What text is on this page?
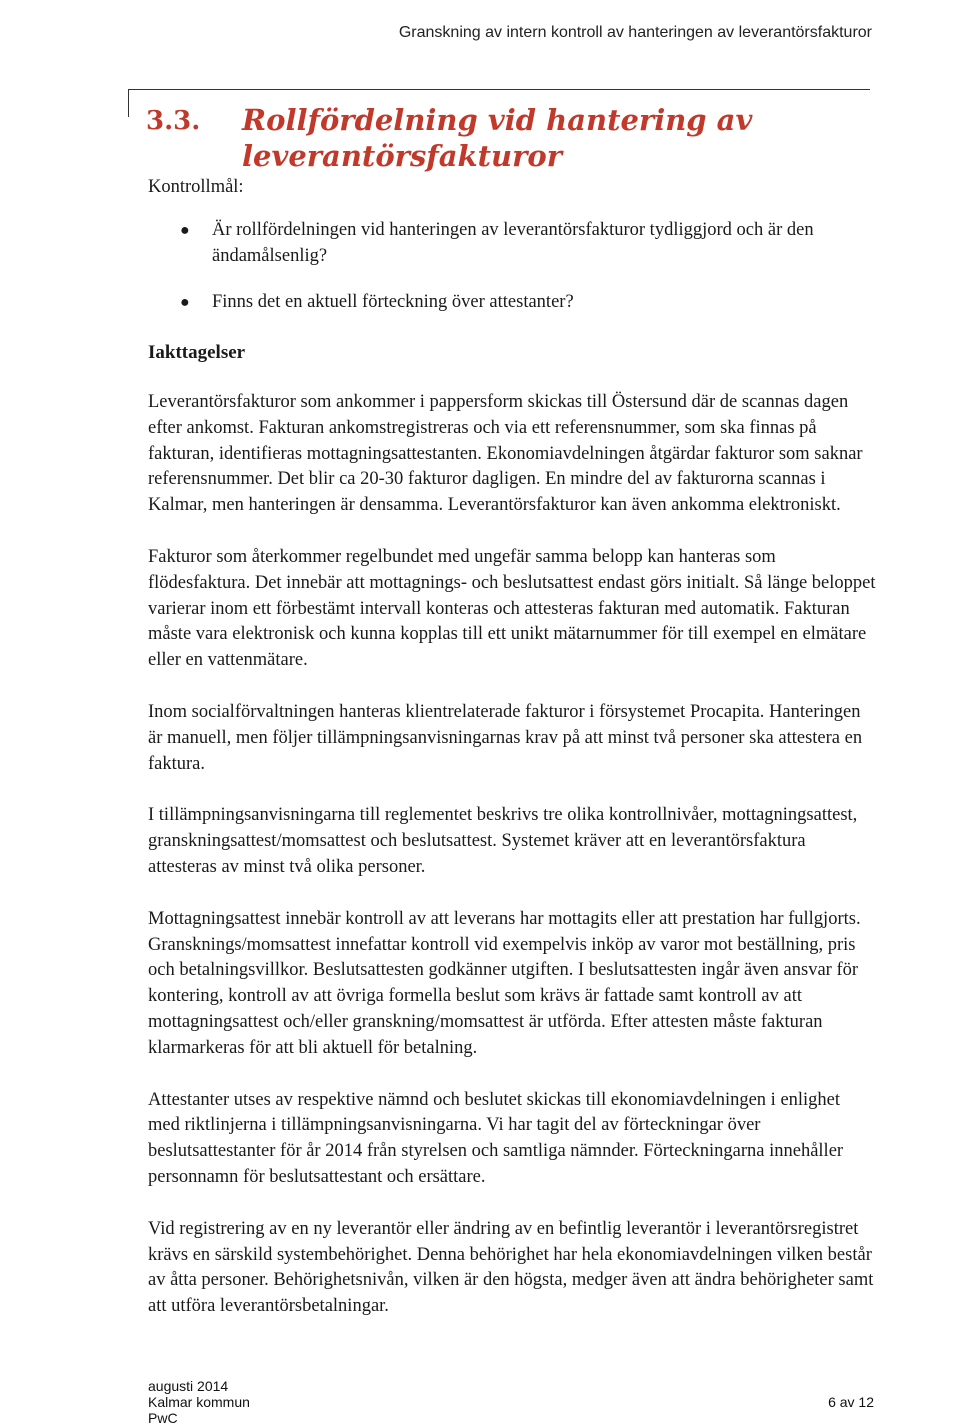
Granskning av intern kontroll av hanteringen av leverantörsfakturor
3.3. Rollfördelning vid hantering av leverantörsfakturor
Kontrollmål:
● Är rollfördelningen vid hanteringen av leverantörsfakturor tydliggjord och är den ändamålsenlig?
● Finns det en aktuell förteckning över attestanter?
Iakttagelser

Leverantörsfakturor som ankommer i pappersform skickas till Östersund där de scannas dagen efter ankomst. Fakturan ankomstregistreras och via ett referensnummer, som ska finnas på fakturan, identifieras mottagningsattestanten. Ekonomiavdelningen åtgärdar fakturor som saknar referensnummer. Det blir ca 20-30 fakturor dagligen. En mindre del av fakturorna scannas i Kalmar, men hanteringen är densamma. Leverantörsfakturor kan även ankomma elektroniskt.

Fakturor som återkommer regelbundet med ungefär samma belopp kan hanteras som flödesfaktura. Det innebär att mottagnings- och beslutsattest endast görs initialt. Så länge beloppet varierar inom ett förbestämt intervall konteras och attesteras fakturan med automatik. Fakturan måste vara elektronisk och kunna kopplas till ett unikt mätarnummer för till exempel en elmätare eller en vattenmätare.

Inom socialförvaltningen hanteras klientrelaterade fakturor i försystemet Procapita. Hanteringen är manuell, men följer tillämpningsanvisningarnas krav på att minst två personer ska attestera en faktura.

I tillämpningsanvisningarna till reglementet beskrivs tre olika kontrollnivåer, mottagningsattest, granskningsattest/momsattest och beslutsattest. Systemet kräver att en leverantörsfaktura attesteras av minst två olika personer.

Mottagningsattest innebär kontroll av att leverans har mottagits eller att prestation har fullgjorts. Gransknings/momsattest innefattar kontroll vid exempelvis inköp av varor mot beställning, pris och betalningsvillkor. Beslutsattesten godkänner utgiften. I beslutsattesten ingår även ansvar för kontering, kontroll av att övriga formella beslut som krävs är fattade samt kontroll av att mottagningsattest och/eller granskning/momsattest är utförda. Efter attesten måste fakturan klarmarkeras för att bli aktuell för betalning.

Attestanter utses av respektive nämnd och beslutet skickas till ekonomiavdelningen i enlighet med riktlinjerna i tillämpningsanvisningarna. Vi har tagit del av förteckningar över beslutsattestanter för år 2014 från styrelsen och samtliga nämnder. Förteckningarna innehåller personnamn för beslutsattestant och ersättare.

Vid registrering av en ny leverantör eller ändring av en befintlig leverantör i leverantörsregistret krävs en särskild systembehörighet. Denna behörighet har hela ekonomiavdelningen vilken består av åtta personer. Behörighetsnivån, vilken är den högsta, medger även att ändra behörigheter samt att utföra leverantörsbetalningar.

augusti 2014
Kalmar kommun
PwC
6 av 12
